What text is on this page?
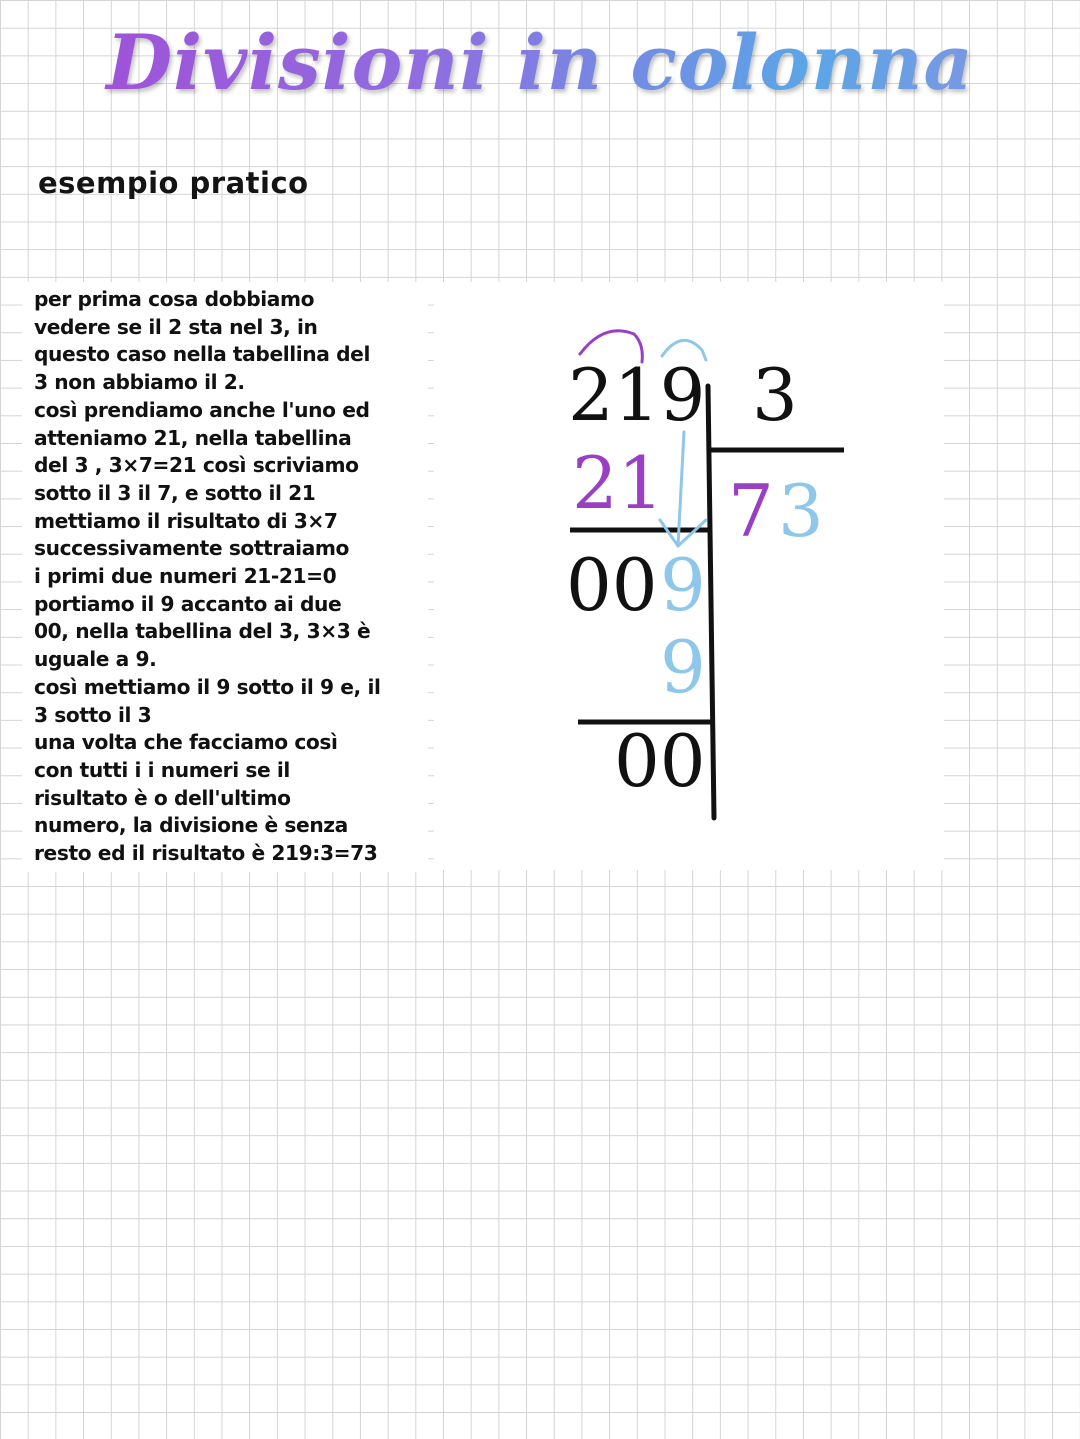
Divisioni in colonna
esempio pratico

per prima cosa dobbiamo

vedere se il 2 sta nel 3, in

questo caso nella tabellina del

3 non abbiamo il 2.

così prendiamo anche l'uno ed

atteniamo 21, nella tabellina

del 3 , 3×7=21 così scriviamo

sotto il 3 il 7, e sotto il 21

mettiamo il risultato di 3×7

successivamente sottraiamo

i primi due numeri 21-21=0

portiamo il 9 accanto ai due

00, nella tabellina del 3, 3×3 è

uguale a 9.

così mettiamo il 9 sotto il 9 e, il

3 sotto il 3

una volta che facciamo così

con tutti i i numeri se il

risultato è o dell'ultimo

numero, la divisione è senza

resto ed il risultato è 219:3=73

219 3
21 7 3
00 9
9
00
